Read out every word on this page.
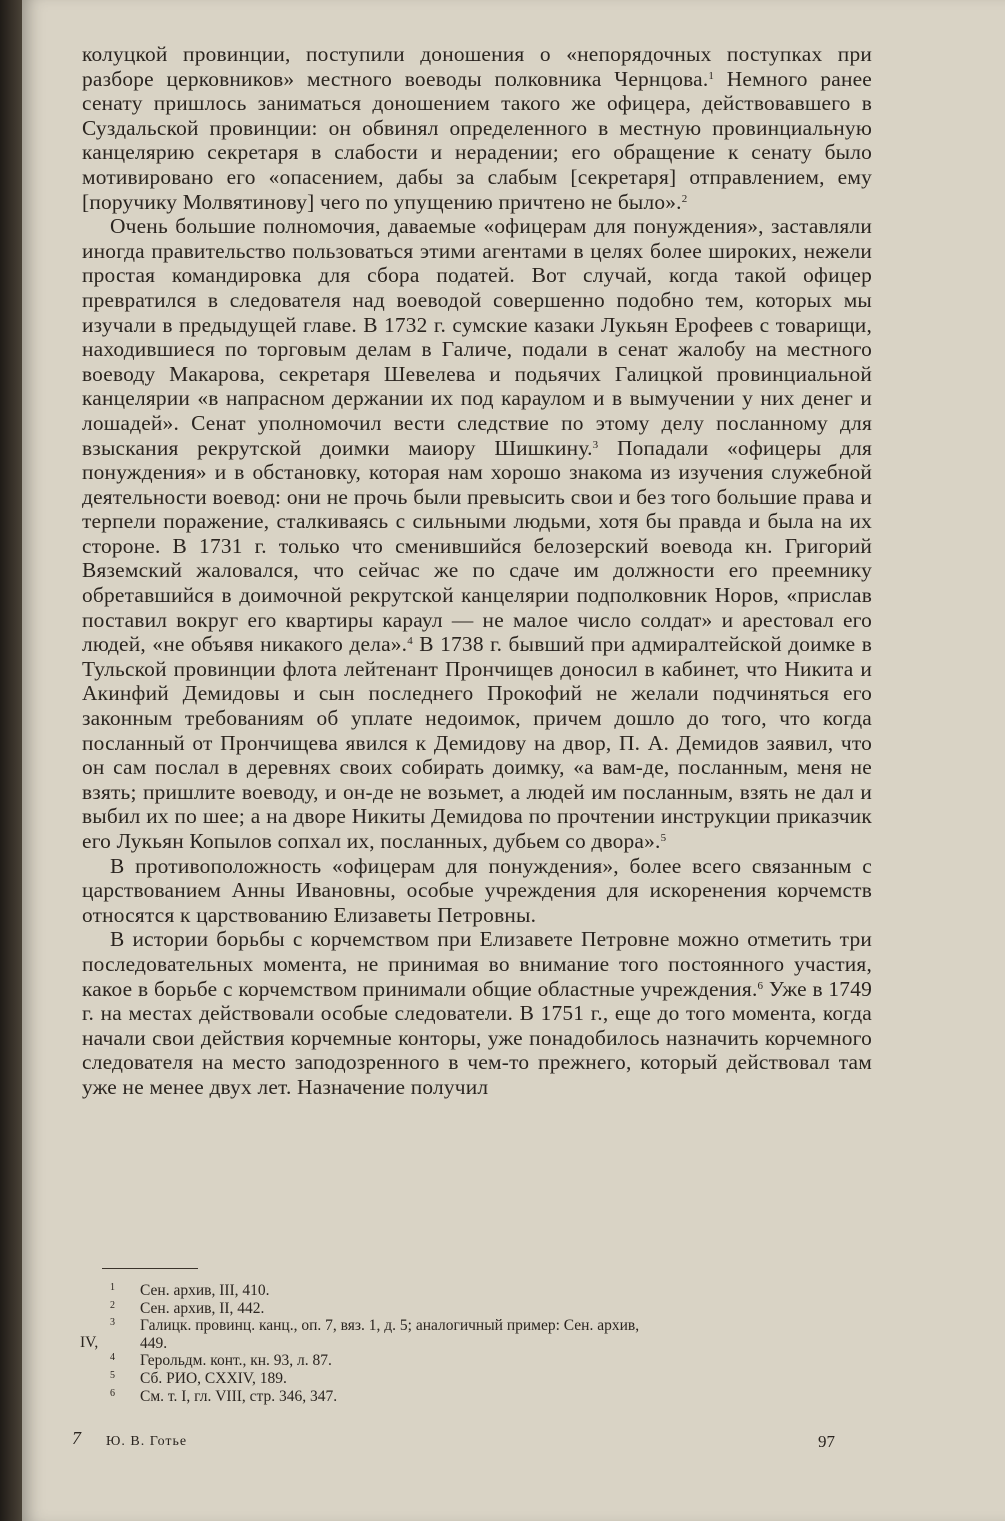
колуцкой провинции, поступили доношения о «непорядочных поступках при разборе церковников» местного воеводы полковника Чернцова.$^1$ Немного ранее сенату пришлось заниматься доношением такого же офицера, действовавшего в Суздальской провинции: он обвинял определенного в местную провинциальную канцелярию секретаря в слабости и нерадении; его обращение к сенату было мотивировано его «опасением, дабы за слабым [секретаря] отправлением, ему [поручику Молвятинову] чего по упущению причтено не было».$^2$

Очень большие полномочия, даваемые «офицерам для понуждения», заставляли иногда правительство пользоваться этими агентами в целях более широких, нежели простая командировка для сбора податей. Вот случай, когда такой офицер превратился в следователя над воеводой совершенно подобно тем, которых мы изучали в предыдущей главе. В 1732 г. сумские казаки Лукьян Ерофеев с товарищи, находившиеся по торговым делам в Галиче, подали в сенат жалобу на местного воеводу Макарова, секретаря Шевелева и подьячих Галицкой провинциальной канцелярии «в напрасном держании их под караулом и в вымучении у них денег и лошадей». Сенат уполномочил вести следствие по этому делу посланному для взыскания рекрутской доимки маиору Шишкину.$^3$ Попадали «офицеры для понуждения» и в обстановку, которая нам хорошо знакома из изучения служебной деятельности воевод: они не прочь были превысить свои и без того большие права и терпели поражение, сталкиваясь с сильными людьми, хотя бы правда и была на их стороне. В 1731 г. только что сменившийся белозерский воевода кн. Григорий Вяземский жаловался, что сейчас же по сдаче им должности его преемнику обретавшийся в доимочной рекрутской канцелярии подполковник Норов, «прислав поставил вокруг его квартиры караул — не малое число солдат» и арестовал его людей, «не объявя никакого дела».$^4$ В 1738 г. бывший при адмиралтейской доимке в Тульской провинции флота лейтенант Прончищев доносил в кабинет, что Никита и Акинфий Демидовы и сын последнего Прокофий не желали подчиняться его законным требованиям об уплате недоимок, причем дошло до того, что когда посланный от Прончищева явился к Демидову на двор, П. А. Демидов заявил, что он сам послал в деревнях своих собирать доимку, «а вам-де, посланным, меня не взять; пришлите воеводу, и он-де не возьмет, а людей им посланным, взять не дал и выбил их по шее; а на дворе Никиты Демидова по прочтении инструкции приказчик его Лукьян Копылов сопхал их, посланных, дубьем со двора».$^5$

В противоположность «офицерам для понуждения», более всего связанным с царствованием Анны Ивановны, особые учреждения для искоренения корчемств относятся к царствованию Елизаветы Петровны.

В истории борьбы с корчемством при Елизавете Петровне можно отметить три последовательных момента, не принимая во внимание того постоянного участия, какое в борьбе с корчемством принимали общие областные учреждения.$^6$ Уже в 1749 г. на местах действовали особые следователи. В 1751 г., еще до того момента, когда начали свои действия корчемные конторы, уже понадобилось назначить корчемного следователя на место заподозренного в чем-то прежнего, который действовал там уже не менее двух лет. Назначение получил

1 Сен. архив, III, 410.
2 Сен. архив, II, 442.
3 Галицк. провинц. канц., оп. 7, вяз. 1, д. 5; аналогичный пример: Сен. архив,

IV,	449.
4 Герольдм. конт., кн. 93, л. 87.
5 Сб. РИО, CXXIV, 189.
6 См. т. I, гл. VIII, стр. 346, 347.
7 Ю. В. Готье	97
